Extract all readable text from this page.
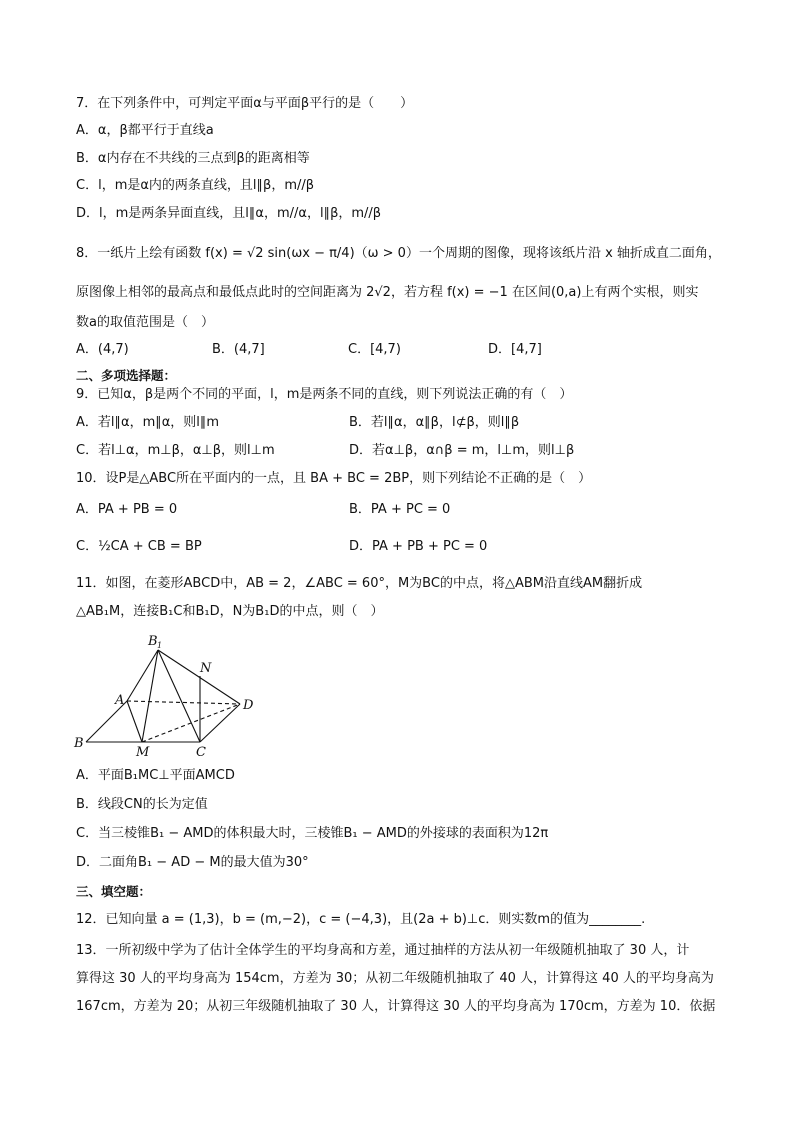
7．在下列条件中，可判定平面α与平面β平行的是（　　）
A．α，β都平行于直线a
B．α内存在不共线的三点到β的距离相等
C．l，m是α内的两条直线，且l∥β，m//β
D．l，m是两条异面直线，且l∥α，m//α，l∥β，m//β
8．一纸片上绘有函数 f(x) = √2 sin(ωx − π/4)（ω > 0）一个周期的图像，现将该纸片沿 x 轴折成直二面角，
原图像上相邻的最高点和最低点此时的空间距离为 2√2，若方程 f(x) = −1 在区间(0,a)上有两个实根，则实
数a的取值范围是（　）
A．(4,7)	B．(4,7]	C．[4,7)	D．[4,7]
二、多项选择题：
9．已知α，β是两个不同的平面，l，m是两条不同的直线，则下列说法正确的有（　）
A．若l∥α，m∥α，则l∥m	B．若l∥α，α∥β，l⊄β，则l∥β
C．若l⊥α，m⊥β，α⊥β，则l⊥m	D．若α⊥β，α∩β = m，l⊥m，则l⊥β
10．设P是△ABC所在平面内的一点，且 BA + BC = 2BP，则下列结论不正确的是（　）
A．PA + PB = 0	B．PA + PC = 0
C．½CA + CB = BP	D．PA + PB + PC = 0
11．如图，在菱形ABCD中，AB = 2，∠ABC = 60°，M为BC的中点，将△ABM沿直线AM翻折成
△AB₁M，连接B₁C和B₁D，N为B₁D的中点，则（　）
B 1
N
A	D
B
M	C
A．平面B₁MC⊥平面AMCD
B．线段CN的长为定值
C．当三棱锥B₁ − AMD的体积最大时，三棱锥B₁ − AMD的外接球的表面积为12π
D．二面角B₁ − AD − M的最大值为30°
三、填空题：
12．已知向量 a = (1,3)，b = (m,−2)，c = (−4,3)，且(2a + b)⊥c．则实数m的值为________.
13．一所初级中学为了估计全体学生的平均身高和方差，通过抽样的方法从初一年级随机抽取了 30 人，计
算得这 30 人的平均身高为 154cm，方差为 30；从初二年级随机抽取了 40 人，计算得这 40 人的平均身高为
167cm，方差为 20；从初三年级随机抽取了 30 人，计算得这 30 人的平均身高为 170cm，方差为 10．依据
